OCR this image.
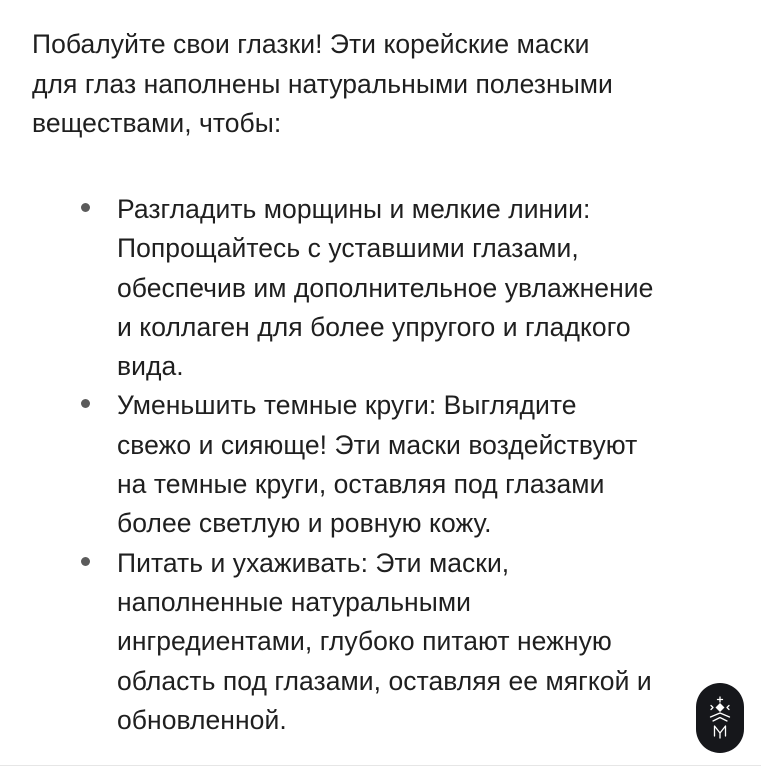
Побалуйте свои глазки! Эти корейские маски
для глаз наполнены натуральными полезными
веществами, чтобы:
Разгладить морщины и мелкие линии:
Попрощайтесь с уставшими глазами,
обеспечив им дополнительное увлажнение
и коллаген для более упругого и гладкого
вида.
Уменьшить темные круги: Выглядите
свежо и сияюще! Эти маски воздействуют
на темные круги, оставляя под глазами
более светлую и ровную кожу.
Питать и ухаживать: Эти маски,
наполненные натуральными
ингредиентами, глубоко питают нежную
область под глазами, оставляя ее мягкой и
обновленной.
